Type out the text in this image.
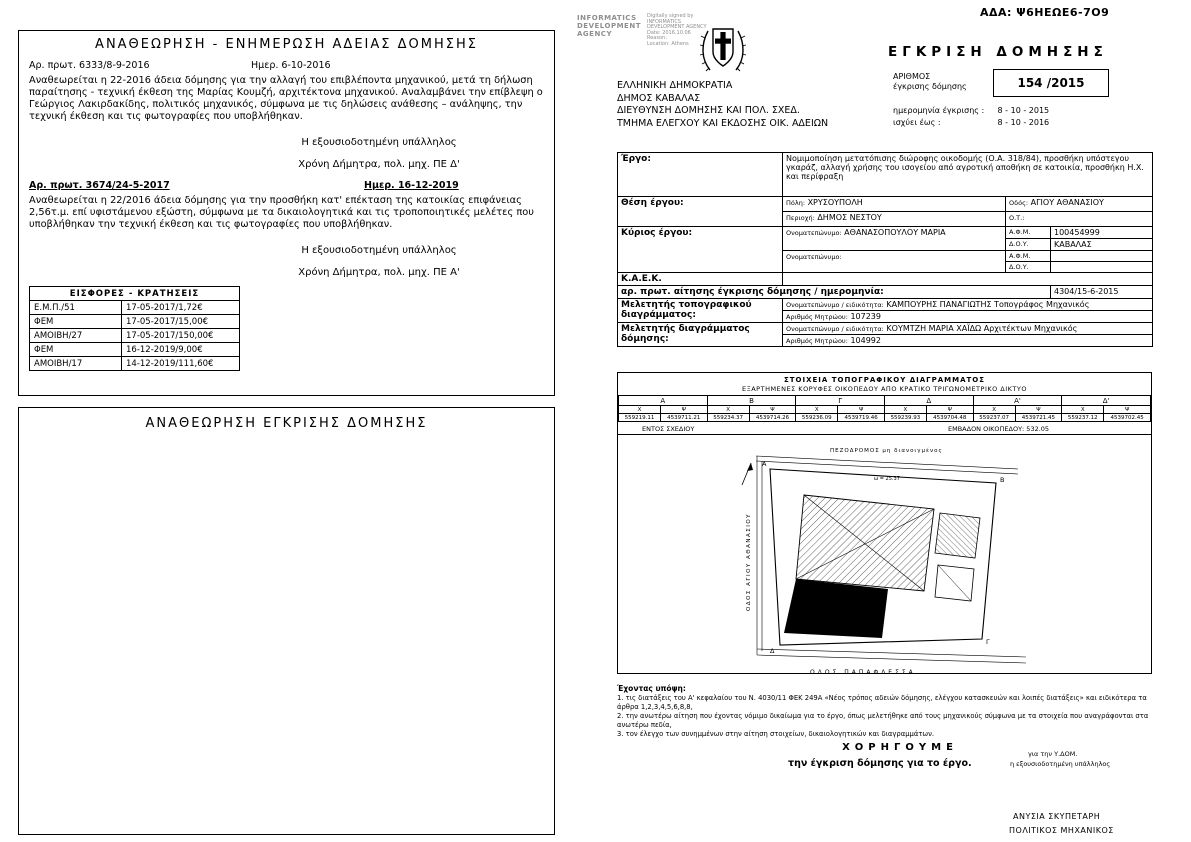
ΑΝΑΘΕΩΡΗΣΗ - ΕΝΗΜΕΡΩΣΗ ΑΔΕΙΑΣ ΔΟΜΗΣΗΣ
Αρ. πρωτ. 6333/8-9-2016	Ημερ. 6-10-2016
Αναθεωρείται η 22-2016 άδεια δόμησης για την αλλαγή του επιβλέποντα μηχανικού, μετά τη δήλωση παραίτησης - τεχνική έκθεση της Μαρίας Κουμζή, αρχιτέκτονα μηχανικού. Αναλαμβάνει την επίβλεψη ο Γεώργιος Λακιρδακίδης, πολιτικός μηχανικός, σύμφωνα με τις δηλώσεις ανάθεσης – ανάληψης, την τεχνική έκθεση και τις φωτογραφίες που υποβλήθηκαν.
Η εξουσιοδοτημένη υπάλληλος
Χρόνη Δήμητρα, πολ. μηχ. ΠΕ Δ'
Αρ. πρωτ. 3674/24-5-2017	Ημερ. 16-12-2019
Αναθεωρείται η 22/2016 άδεια δόμησης για την προσθήκη κατ' επέκταση της κατοικίας επιφάνειας 2,56τ.μ. επί υφιστάμενου εξώστη, σύμφωνα με τα δικαιολογητικά και τις τροποποιητικές μελέτες που υποβλήθηκαν την τεχνική έκθεση και τις φωτογραφίες που υποβλήθηκαν.
Η εξουσιοδοτημένη υπάλληλος
Χρόνη Δήμητρα, πολ. μηχ. ΠΕ Α'
ΕΙΣΦΟΡΕΣ - ΚΡΑΤΗΣΕΙΣ	
Ε.Μ.Π./51	17-05-2017/1,72€
ΦΕΜ	17-05-2017/15,00€
ΑΜΟΙΒΗ/27	17-05-2017/150,00€
ΦΕΜ	16-12-2019/9,00€
ΑΜΟΙΒΗ/17	14-12-2019/111,60€
ΑΝΑΘΕΩΡΗΣΗ ΕΓΚΡΙΣΗΣ ΔΟΜΗΣΗΣ
ΑΔΑ: Ψ6ΗΕΩΕ6-7Ο9
INFORMATICS
DEVELOPMENT
AGENCY
Digitally signed by
INFORMATICS
DEVELOPMENT AGENCY
Date: 2016.10.06
Reason:
Location: Athens
ΕΛΛΗΝΙΚΗ ΔΗΜΟΚΡΑΤΙΑ
ΔΗΜΟΣ ΚΑΒΑΛΑΣ
ΔΙΕΥΘΥΝΣΗ ΔΟΜΗΣΗΣ ΚΑΙ ΠΟΛ. ΣΧΕΔ.
ΤΜΗΜΑ ΕΛΕΓΧΟΥ ΚΑΙ ΕΚΔΟΣΗΣ ΟΙΚ. ΑΔΕΙΩΝ
ΕΓΚΡΙΣΗ ΔΟΜΗΣΗΣ
ΑΡΙΘΜΟΣ
έγκρισης δόμησης	154 /2015
ημερομηνία έγκρισης : 8 - 10 - 2015
ισχύει έως :	8 - 10 - 2016
Έργο:	Νομιμοποίηση μετατόπισης διώροφης οικοδομής (Ο.Α. 318/84), προσθήκη υπόστεγου γκαράζ, αλλαγή χρήσης του ισογείου από αγροτική αποθήκη σε κατοικία, προσθήκη Η.Χ. και περίφραξη		
Θέση έργου:	Πόλη: ΧΡΥΣΟΥΠΟΛΗ	Οδός: ΑΓΙΟΥ ΑΘΑΝΑΣΙΟΥ	
	Περιοχή: ΔΗΜΟΣ ΝΕΣΤΟΥ	Ο.Τ.:	
Κύριος έργου:	Ονοματεπώνυμο: ΑΘΑΝΑΣΟΠΟΥΛΟΥ ΜΑΡΙΑ	Α.Φ.Μ.	100454999
		Δ.Ο.Υ.	ΚΑΒΑΛΑΣ
	Ονοματεπώνυμο:	Α.Φ.Μ.	
		Δ.Ο.Υ.	
Κ.Α.Ε.Κ.			
αρ. πρωτ. αίτησης έγκρισης δόμησης / ημερομηνία:			4304/15-6-2015
Μελετητής τοπογραφικού διαγράμματος:	Ονοματεπώνυμο / ειδικότητα: ΚΑΜΠΟΥΡΗΣ ΠΑΝΑΓΙΩΤΗΣ Τοπογράφος Μηχανικός		
	Αριθμός Μητρώου: 107239		
Μελετητής διαγράμματος δόμησης:	Ονοματεπώνυμο / ειδικότητα: ΚΟΥΜΤΖΗ ΜΑΡΙΑ ΧΑΪΔΩ Αρχιτέκτων Μηχανικός		
	Αριθμός Μητρώου: 104992		
ΣΤΟΙΧΕΙΑ ΤΟΠΟΓΡΑΦΙΚΟΥ ΔΙΑΓΡΑΜΜΑΤΟΣ
ΕΞΑΡΤΗΜΕΝΕΣ ΚΟΡΥΦΕΣ ΟΙΚΟΠΕΔΟΥ ΑΠΟ ΚΡΑΤΙΚΟ ΤΡΙΓΩΝΟΜΕΤΡΙΚΟ ΔΙΚΤΥΟ
Α		Β		Γ		Δ		Α'		Δ'	
Χ	Ψ	Χ	Ψ	Χ	Ψ	Χ	Ψ	Χ	Ψ	Χ	Ψ
559219.11	4539711.21	559234.37	4539714.26	559236.09	4539719.46	559239.93	4539704.48	559237.07	4539721.45	559237.12	4539702.45
ΕΝΤΟΣ ΣΧΕΔΙΟΥ	ΕΜΒΑΔΟΝ ΟΙΚΟΠΕΔΟΥ: 532.05
Α
Β
Γ
Δ
ΠΕΖΟΔΡΟΜΟΣ μη διανοιγμένος
ω = 25.37
ΟΔΟΣ ΑΓΙΟΥ ΑΘΑΝΑΣΙΟΥ
ΟΔΟΣ ΠΑΠΑΦΛΕΣΣΑ
Έχοντας υπόψη:
1. τις διατάξεις του Α' κεφαλαίου του Ν. 4030/11 ΦΕΚ 249Α «Νέος τρόπος αδειών δόμησης, ελέγχου κατασκευών και λοιπές διατάξεις» και ειδικότερα τα άρθρα 1,2,3,4,5,6,8,8,
2. την ανωτέρω αίτηση που έχοντας νόμιμο δικαίωμα για το έργο, όπως μελετήθηκε από τους μηχανικούς σύμφωνα με τα στοιχεία που αναγράφονται στα ανωτέρω πεδία,
3. τον έλεγχο των συνημμένων στην αίτηση στοιχείων, δικαιολογητικών και διαγραμμάτων.
ΧΟΡΗΓΟΥΜΕ
την έγκριση δόμησης για το έργο.
για την Υ.ΔΟΜ.
η εξουσιοδοτημένη υπάλληλος
ΑΝΥΣΙΑ ΣΚΥΠΕΤΑΡΗ
ΠΟΛΙΤΙΚΟΣ ΜΗΧΑΝΙΚΟΣ
